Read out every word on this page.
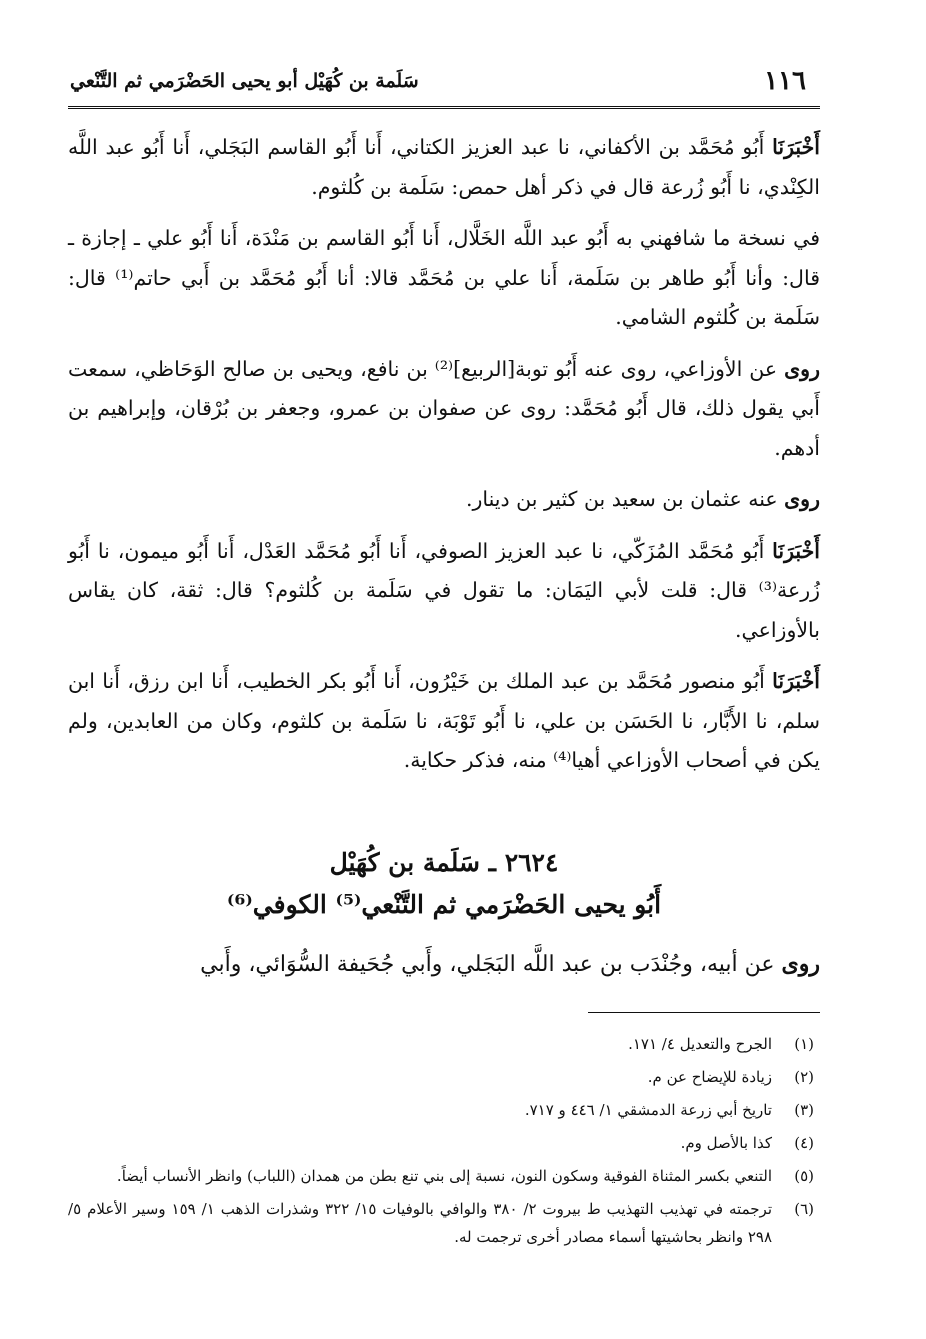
١١٦
سَلَمة بن كُهَيْل أبو يحيى الحَضْرَمي ثم التَّنْعي

أَخْبَرَنَا أَبُو مُحَمَّد بن الأكفاني، نا عبد العزيز الكتاني، أَنا أَبُو القاسم البَجَلي، أَنا أَبُو عبد اللَّه الكِنْدي، نا أَبُو زُرعة قال في ذكر أهل حمص: سَلَمة بن كُلثوم.

في نسخة ما شافهني به أَبُو عبد اللَّه الخَلَّال، أَنا أَبُو القاسم بن مَنْدَة، أَنا أَبُو علي ـ إجازة ـ قال: وأنا أَبُو طاهر بن سَلَمة، أَنا علي بن مُحَمَّد قالا: أنا أَبُو مُحَمَّد بن أَبي حاتم⁽¹⁾ قال: سَلَمة بن كُلثوم الشامي.

روى عن الأوزاعي، روى عنه أَبُو توبة[الربيع]⁽²⁾ بن نافع، ويحيى بن صالح الوَحَاظي، سمعت أَبي يقول ذلك، قال أَبُو مُحَمَّد: روى عن صفوان بن عمرو، وجعفر بن بُرْقان، وإبراهيم بن أدهم.

روى عنه عثمان بن سعيد بن كثير بن دينار.

أَخْبَرَنَا أَبُو مُحَمَّد المُزَكّي، نا عبد العزيز الصوفي، أَنا أَبُو مُحَمَّد العَدْل، أَنا أَبُو ميمون، نا أَبُو زُرعة⁽³⁾ قال: قلت لأبي اليَمَان: ما تقول في سَلَمة بن كُلثوم؟ قال: ثقة، كان يقاس بالأوزاعي.

أَخْبَرَنَا أَبُو منصور مُحَمَّد بن عبد الملك بن خَيْرُون، أَنا أَبُو بكر الخطيب، أَنا ابن رزق، أَنا ابن سلم، نا الأَبَّار، نا الحَسَن بن علي، نا أَبُو تَوْبَة، نا سَلَمة بن كلثوم، وكان من العابدين، ولم يكن في أصحاب الأوزاعي أهيا⁽⁴⁾ منه، فذكر حكاية.

٢٦٢٤ ـ سَلَمة بن كُهَيْل
أَبُو يحيى الحَضْرَمي ثم التَّنْعي⁽⁵⁾ الكوفي⁽⁶⁾
روى عن أبيه، وجُنْدَب بن عبد اللَّه البَجَلي، وأَبي جُحَيفة السُّوَائي، وأَبي
(١)
الجرح والتعديل ٤/ ١٧١.
(٢)
زيادة للإيضاح عن م.
(٣)
تاريخ أبي زرعة الدمشقي ١/ ٤٤٦ و ٧١٧.
(٤)
كذا بالأصل وم.
(٥)
التنعي بكسر المثناة الفوقية وسكون النون، نسبة إلى بني تنع بطن من همدان (اللباب) وانظر الأنساب أيضاً.
(٦)
ترجمته في تهذيب التهذيب ط بيروت ٢/ ٣٨٠ والوافي بالوفيات ١٥/ ٣٢٢ وشذرات الذهب ١/ ١٥٩ وسير الأعلام ٥/ ٢٩٨ وانظر بحاشيتها أسماء مصادر أخرى ترجمت له.
